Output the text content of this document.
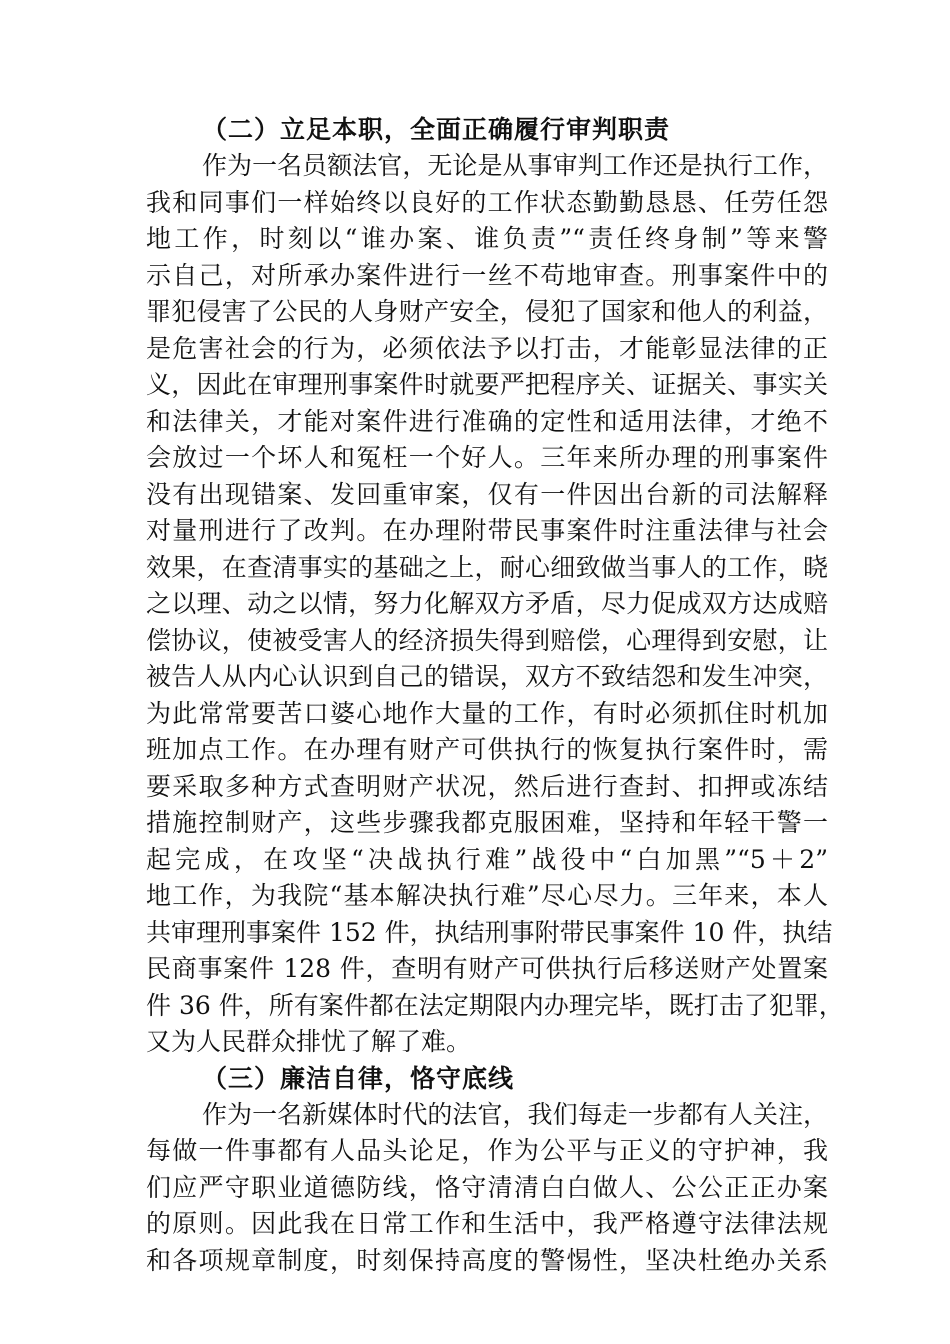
（二）立足本职，全面正确履行审判职责

作为一名员额法官，无论是从事审判工作还是执行工作，
我和同事们一样始终以良好的工作状态勤勤恳恳、任劳任怨
地工作，时刻以“谁办案、谁负责”“责任终身制”等来警
示自己，对所承办案件进行一丝不苟地审查。刑事案件中的
罪犯侵害了公民的人身财产安全，侵犯了国家和他人的利益，
是危害社会的行为，必须依法予以打击，才能彰显法律的正
义，因此在审理刑事案件时就要严把程序关、证据关、事实关
和法律关，才能对案件进行准确的定性和适用法律，才绝不
会放过一个坏人和冤枉一个好人。三年来所办理的刑事案件
没有出现错案、发回重审案，仅有一件因出台新的司法解释
对量刑进行了改判。在办理附带民事案件时注重法律与社会
效果，在查清事实的基础之上，耐心细致做当事人的工作，晓
之以理、动之以情，努力化解双方矛盾，尽力促成双方达成赔
偿协议，使被受害人的经济损失得到赔偿，心理得到安慰，让
被告人从内心认识到自己的错误，双方不致结怨和发生冲突，
为此常常要苦口婆心地作大量的工作，有时必须抓住时机加
班加点工作。在办理有财产可供执行的恢复执行案件时，需
要采取多种方式查明财产状况，然后进行查封、扣押或冻结
措施控制财产，这些步骤我都克服困难，坚持和年轻干警一
起完成，在攻坚“决战执行难”战役中“白加黑”“5＋2”
地工作，为我院“基本解决执行难”尽心尽力。三年来，本人
共审理刑事案件 152 件，执结刑事附带民事案件 10 件，执结
民商事案件 128 件，查明有财产可供执行后移送财产处置案
件 36 件，所有案件都在法定期限内办理完毕，既打击了犯罪，
又为人民群众排忧了解了难。

（三）廉洁自律，恪守底线

作为一名新媒体时代的法官，我们每走一步都有人关注，
每做一件事都有人品头论足，作为公平与正义的守护神，我
们应严守职业道德防线，恪守清清白白做人、公公正正办案
的原则。因此我在日常工作和生活中，我严格遵守法律法规
和各项规章制度，时刻保持高度的警惕性，坚决杜绝办关系
